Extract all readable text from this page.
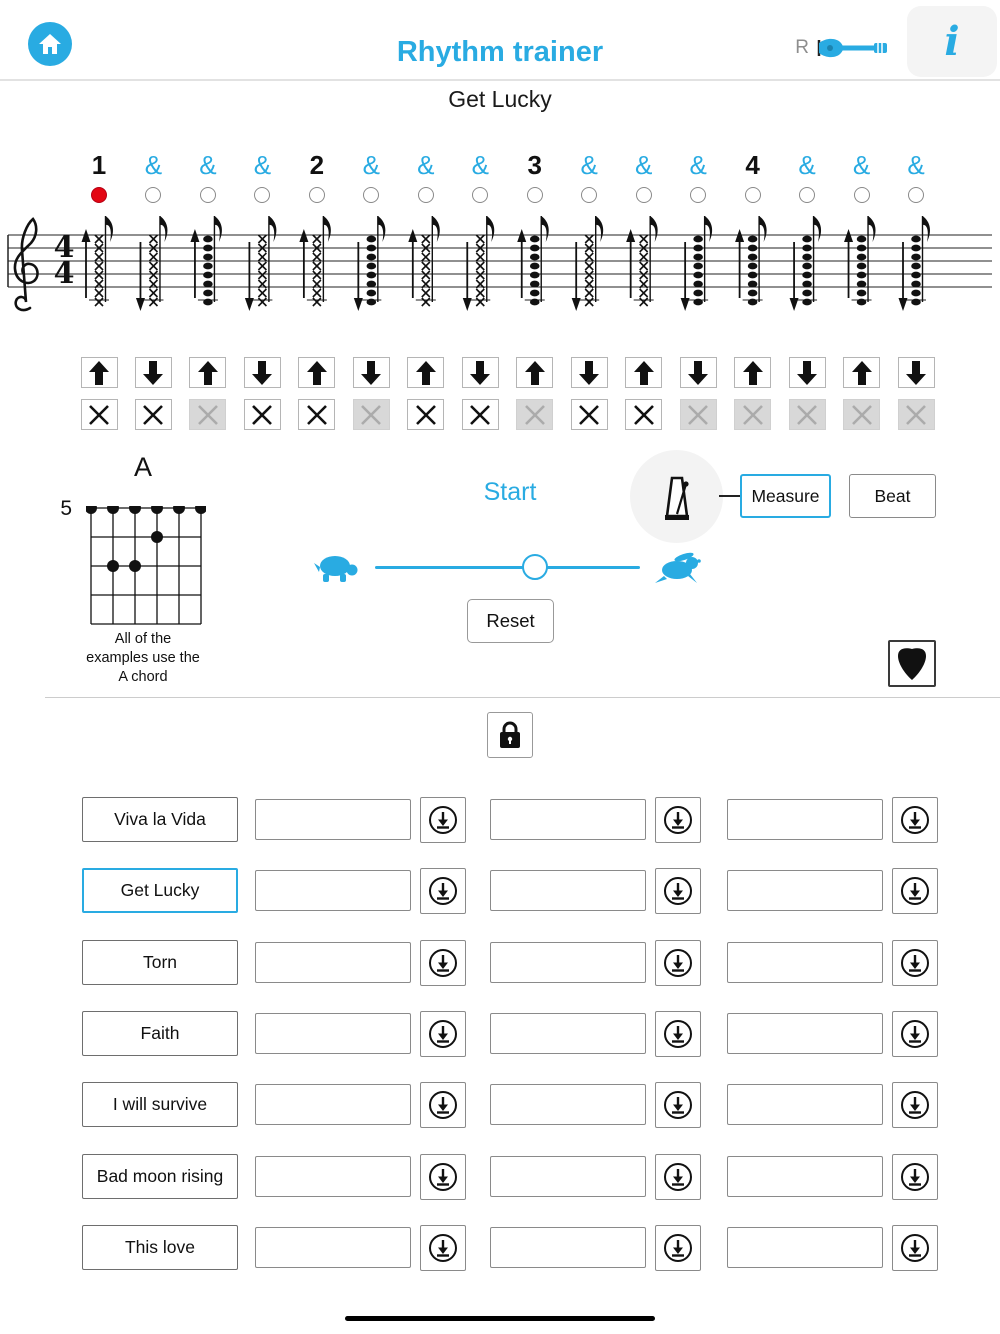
Rhythm trainer	R	i
Get Lucky
1	&	&	&	2	&	&	&	3	&	&	&	4	&	&	&
4
4
A
5
All of the
examples use the
A chord
Start	Measure	Beat
Reset
Viva la Vida
Get Lucky
Torn
Faith
I will survive
Bad moon rising
This love
